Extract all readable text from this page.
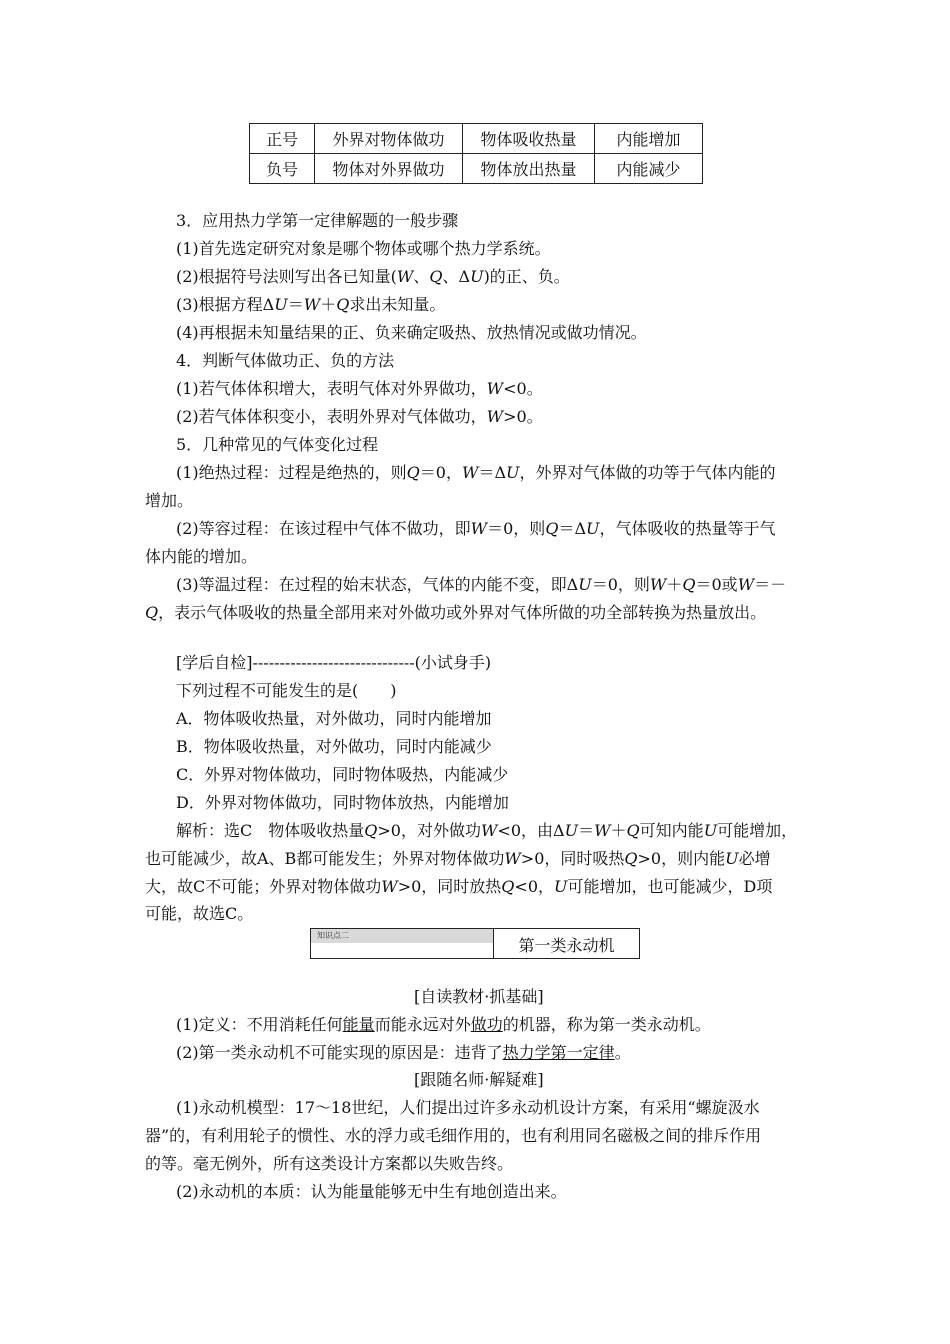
正号	外界对物体做功	物体吸收热量	内能增加
负号	物体对外界做功	物体放出热量	内能减少
3．应用热力学第一定律解题的一般步骤
(1)首先选定研究对象是哪个物体或哪个热力学系统。
(2)根据符号法则写出各已知量(W、Q、ΔU)的正、负。
(3)根据方程ΔU＝W＋Q求出未知量。
(4)再根据未知量结果的正、负来确定吸热、放热情况或做功情况。
4．判断气体做功正、负的方法
(1)若气体体积增大，表明气体对外界做功，W<0。
(2)若气体体积变小，表明外界对气体做功，W>0。
5．几种常见的气体变化过程
(1)绝热过程：过程是绝热的，则Q＝0，W＝ΔU，外界对气体做的功等于气体内能的
增加。
(2)等容过程：在该过程中气体不做功，即W＝0，则Q＝ΔU，气体吸收的热量等于气
体内能的增加。
(3)等温过程：在过程的始末状态，气体的内能不变，即ΔU＝0，则W＋Q＝0或W＝－
Q，表示气体吸收的热量全部用来对外做功或外界对气体所做的功全部转换为热量放出。
[学后自检]------------------------------(小试身手)
下列过程不可能发生的是(　　)
A．物体吸收热量，对外做功，同时内能增加
B．物体吸收热量，对外做功，同时内能减少
C．外界对物体做功，同时物体吸热，内能减少
D．外界对物体做功，同时物体放热，内能增加
解析：选C　物体吸收热量Q>0，对外做功W<0，由ΔU＝W＋Q可知内能U可能增加，
也可能减少，故A、B都可能发生；外界对物体做功W>0，同时吸热Q>0，则内能U必增
大，故C不可能；外界对物体做功W>0，同时放热Q<0，U可能增加，也可能减少，D项
可能，故选C。
知识点二
第一类永动机
[自读教材·抓基础]
(1)定义：不用消耗任何能量而能永远对外做功的机器，称为第一类永动机。
(2)第一类永动机不可能实现的原因是：违背了热力学第一定律。
[跟随名师·解疑难]
(1)永动机模型：17～18世纪，人们提出过许多永动机设计方案，有采用“螺旋汲水
器”的，有利用轮子的惯性、水的浮力或毛细作用的，也有利用同名磁极之间的排斥作用
的等。毫无例外，所有这类设计方案都以失败告终。
(2)永动机的本质：认为能量能够无中生有地创造出来。
